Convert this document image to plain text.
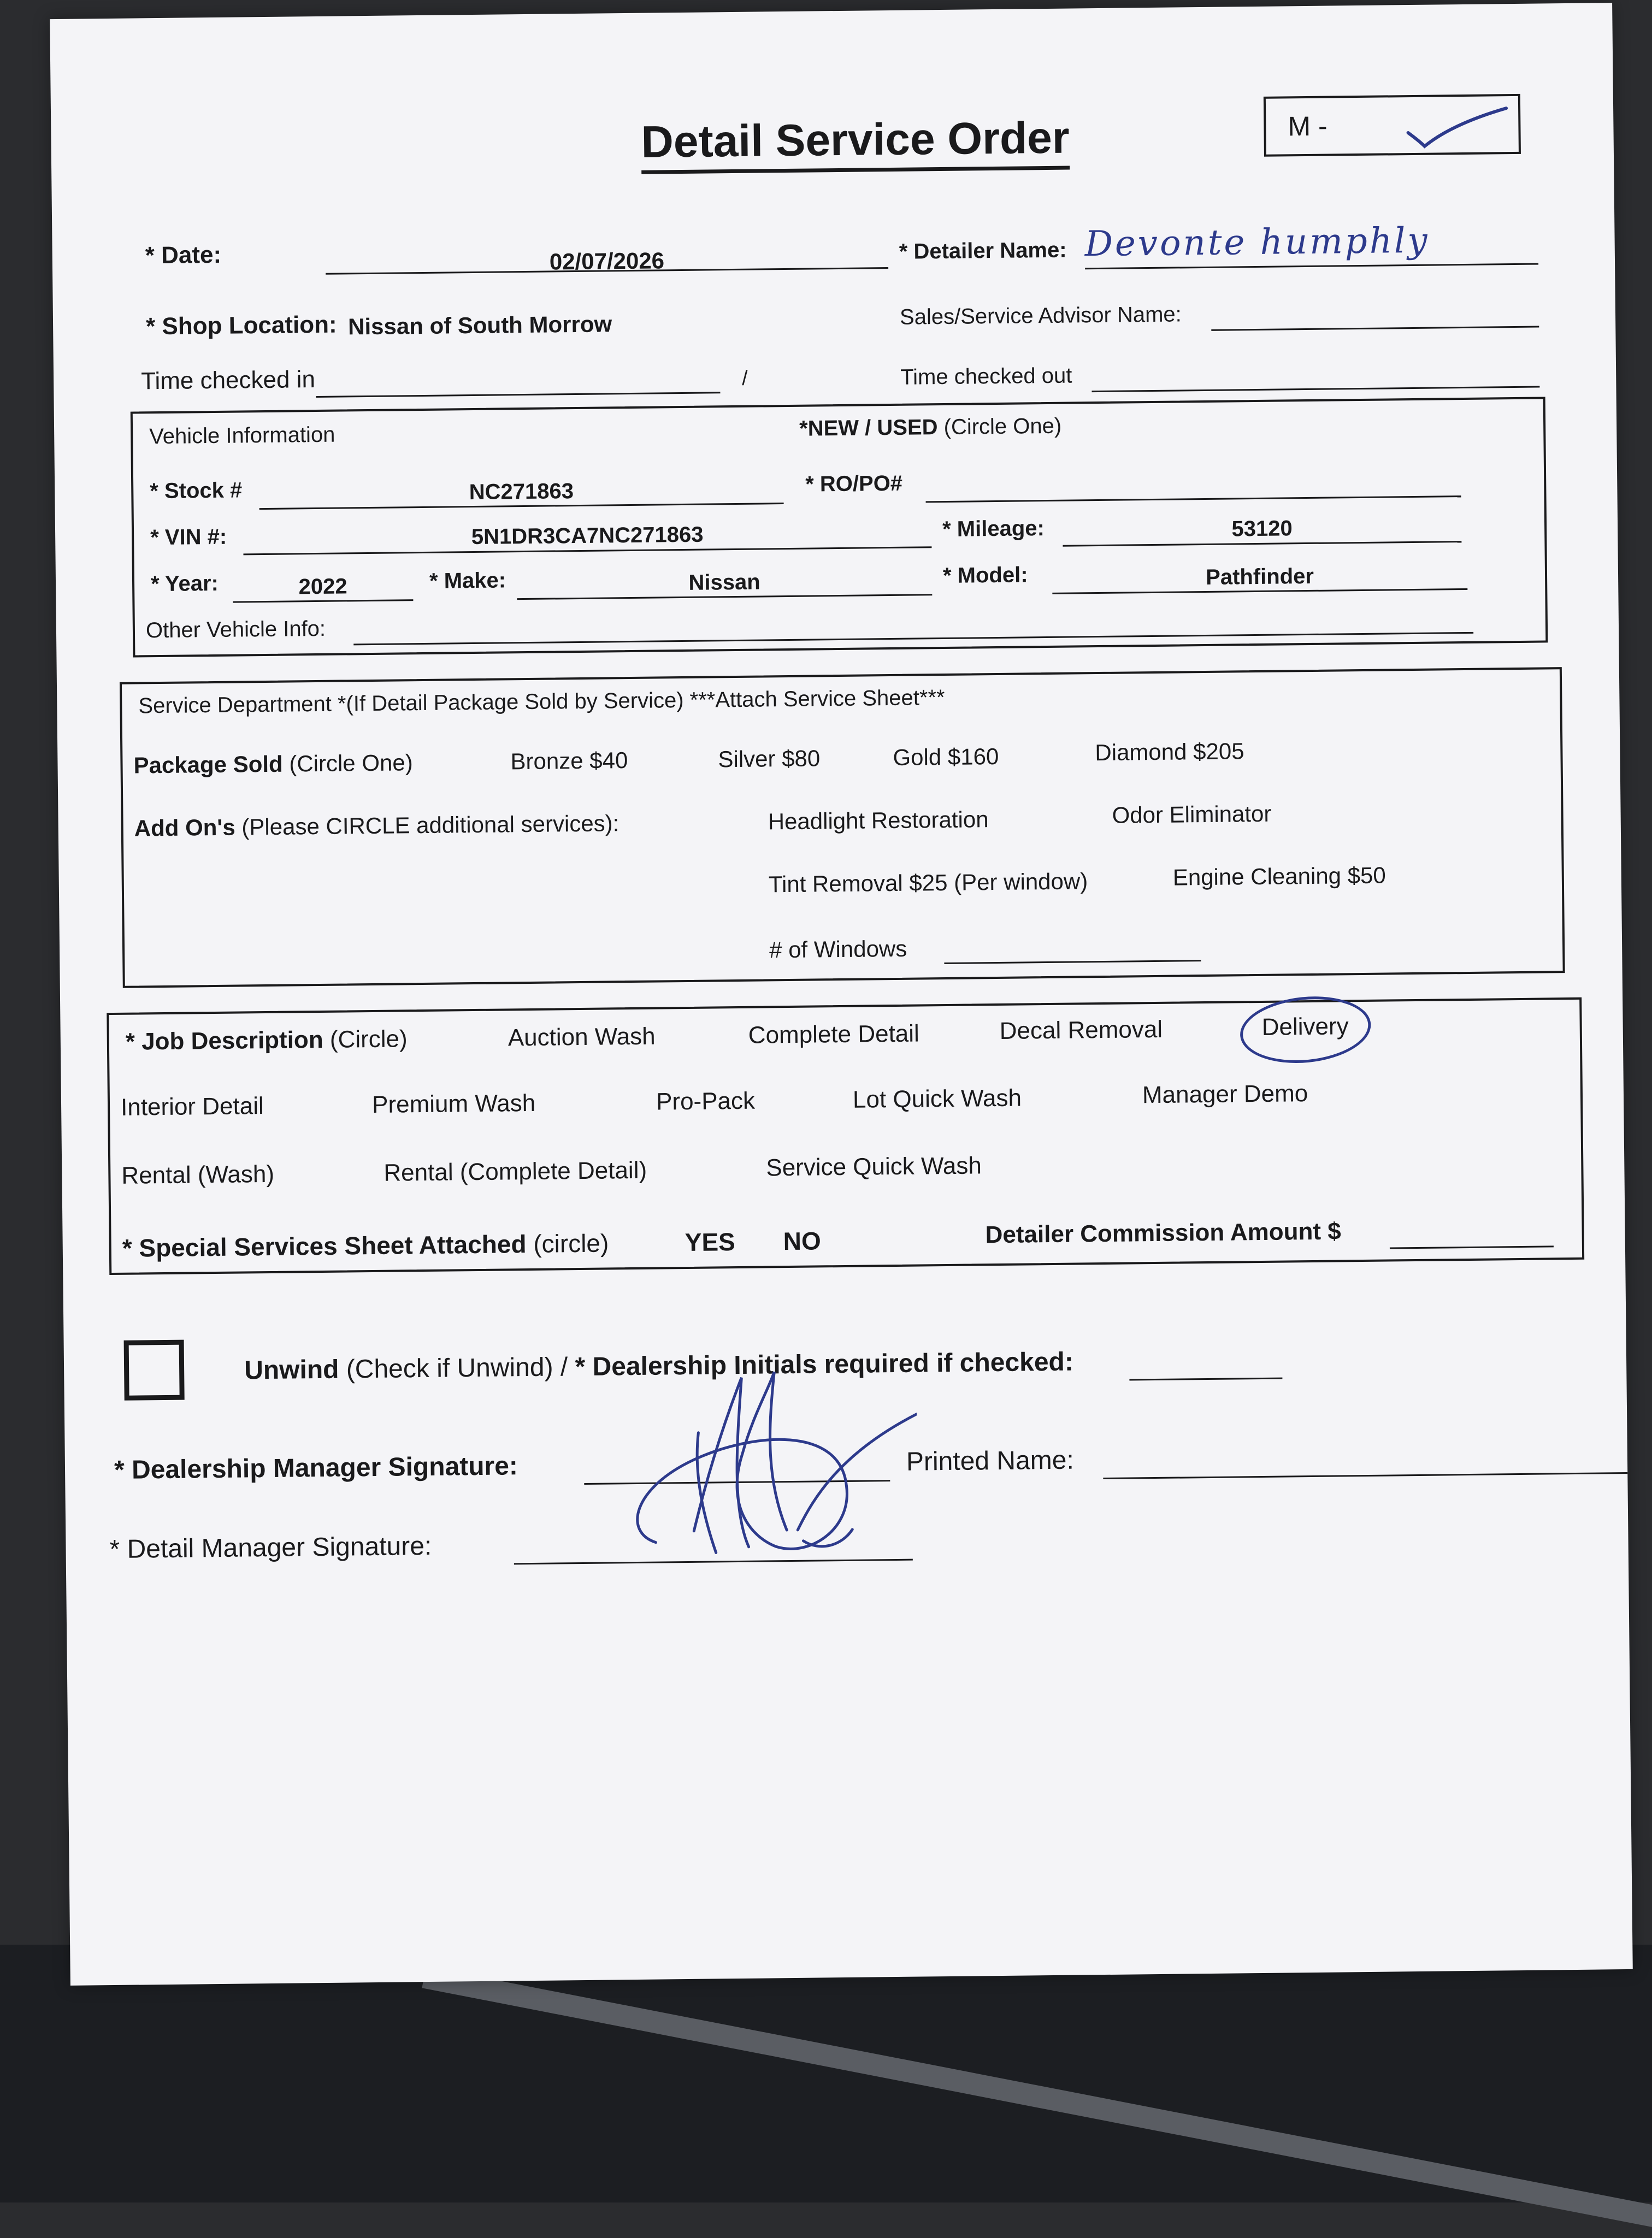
Detail Service Order	M -
* Date:	02/07/2026	* Detailer Name: Devonte humphly
* Shop Location: Nissan of South Morrow	Sales/Service Advisor Name:
Time checked in	/	Time checked out
Vehicle Information	*NEW / USED (Circle One)
* Stock #	NC271863	* RO/PO#
* VIN #:	5N1DR3CA7NC271863	* Mileage:	53120
* Year:	2022	* Make:	Nissan	* Model:	Pathfinder
Other Vehicle Info:
Service Department *(If Detail Package Sold by Service) ***Attach Service Sheet***
Package Sold (Circle One)	Bronze $40	Silver $80	Gold $160	Diamond $205
Add On's (Please CIRCLE additional services):	Headlight Restoration	Odor Eliminator
Tint Removal $25 (Per window)	Engine Cleaning $50
# of Windows
* Job Description (Circle)	Auction Wash	Complete Detail	Decal Removal	Delivery
Interior Detail	Premium Wash	Pro-Pack	Lot Quick Wash	Manager Demo
Rental (Wash)	Rental (Complete Detail)	Service Quick Wash
* Special Services Sheet Attached (circle)	YES NO	Detailer Commission Amount $
Unwind (Check if Unwind) / * Dealership Initials required if checked:
* Dealership Manager Signature:	Printed Name:
* Detail Manager Signature:
